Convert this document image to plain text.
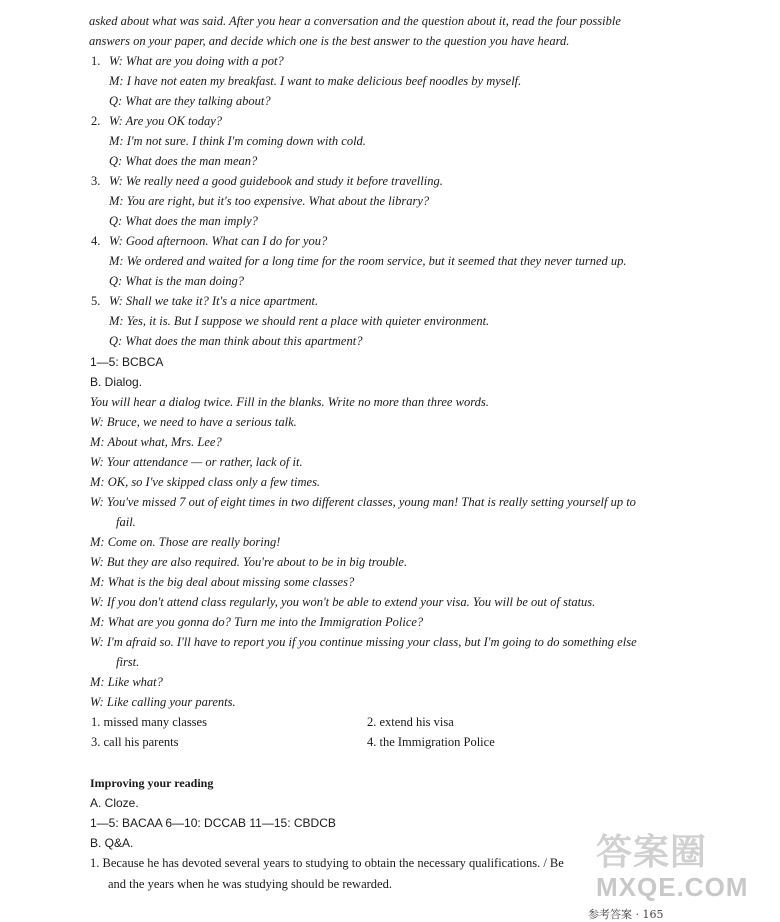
asked about what was said. After you hear a conversation and the question about it, read the four possible
answers on your paper, and decide which one is the best answer to the question you have heard.
1. W: What are you doing with a pot?
M: I have not eaten my breakfast. I want to make delicious beef noodles by myself.
Q: What are they talking about?
2. W: Are you OK today?
M: I'm not sure. I think I'm coming down with cold.
Q: What does the man mean?
3. W: We really need a good guidebook and study it before travelling.
M: You are right, but it's too expensive. What about the library?
Q: What does the man imply?
4. W: Good afternoon. What can I do for you?
M: We ordered and waited for a long time for the room service, but it seemed that they never turned up.
Q: What is the man doing?
5. W: Shall we take it? It's a nice apartment.
M: Yes, it is. But I suppose we should rent a place with quieter environment.
Q: What does the man think about this apartment?
1—5: BCBCA
B. Dialog.
You will hear a dialog twice. Fill in the blanks. Write no more than three words.
W: Bruce, we need to have a serious talk.
M: About what, Mrs. Lee?
W: Your attendance — or rather, lack of it.
M: OK, so I've skipped class only a few times.
W: You've missed 7 out of eight times in two different classes, young man! That is really setting yourself up to
fail.
M: Come on. Those are really boring!
W: But they are also required. You're about to be in big trouble.
M: What is the big deal about missing some classes?
W: If you don't attend class regularly, you won't be able to extend your visa. You will be out of status.
M: What are you gonna do? Turn me into the Immigration Police?
W: I'm afraid so. I'll have to report you if you continue missing your class, but I'm going to do something else
first.
M: Like what?
W: Like calling your parents.
1. missed many classes	2. extend his visa
3. call his parents	4. the Immigration Police
Improving your reading
A. Cloze.
1—5: BACAA 6—10: DCCAB 11—15: CBDCB
B. Q&A.
1. Because he has devoted several years to studying to obtain the necessary qualifications. / Be
and the years when he was studying should be rewarded.
答案圈
MXQE.COM
参考答案 · 165
